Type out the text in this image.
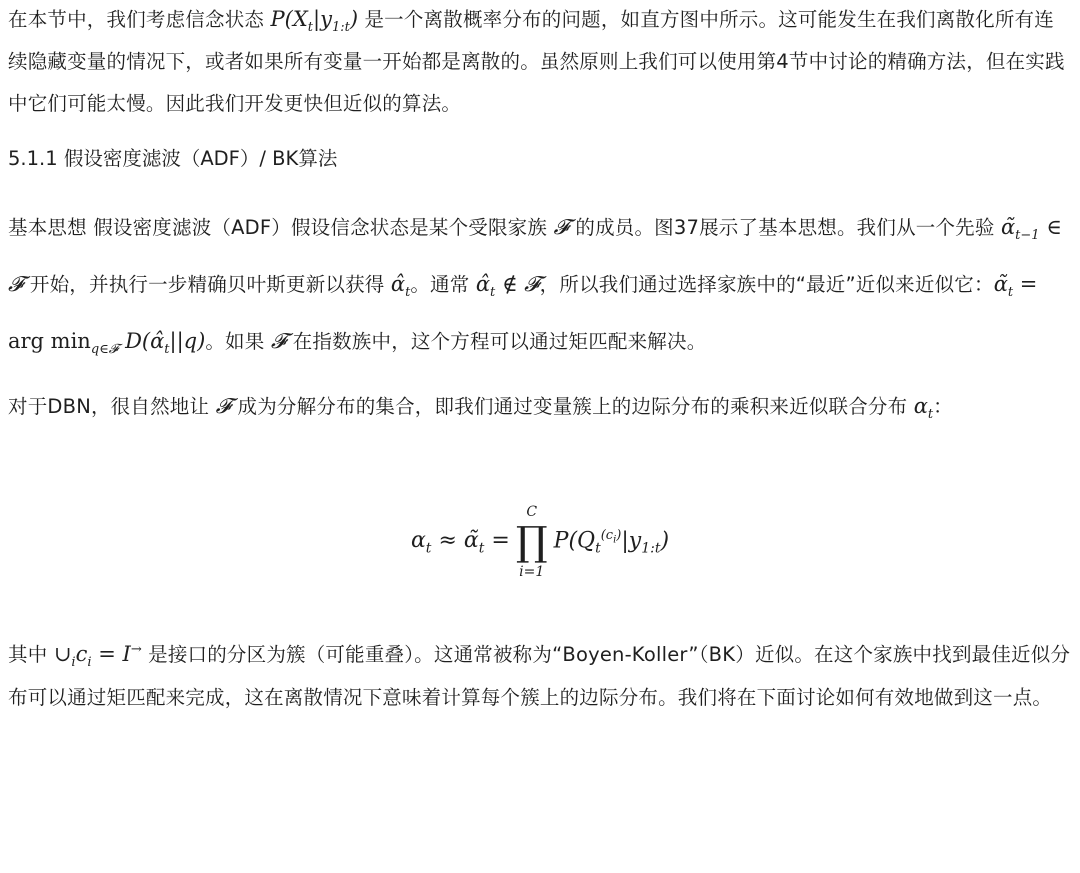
在本节中，我们考虑信念状态 $P(X_t|y_{1:t})$ 是一个离散概率分布的问题，如直方图中所示。这可能发生在我们离散化所有连续隐藏变量的情况下，或者如果所有变量一开始都是离散的。虽然原则上我们可以使用第4节中讨论的精确方法，但在实践中它们可能太慢。因此我们开发更快但近似的算法。

5.1.1 假设密度滤波（ADF）/ BK算法

基本思想 假设密度滤波（ADF）假设信念状态是某个受限家族 𝓕 的成员。图37展示了基本思想。我们从一个先验 $\alphã_{t-1}$ ∈ 𝓕 开始，并执行一步精确贝叶斯更新以获得 $\alphâ_t$。通常 $\alphâ_t$ ∉ 𝓕，所以我们通过选择家族中的“最近”近似来近似它：$\alphã_t$ = arg $\min_{q\in 𝓕}$ $D(\alphâ_t||q)$。如果 𝓕 在指数族中，这个方程可以通过矩匹配来解决。

对于DBN，很自然地让 𝓕 成为分解分布的集合，即我们通过变量簇上的边际分布的乘积来近似联合分布 $\alpha_t$：

$\alpha_t$ ≈ $\alphã_t$ =
C
∏
i=1
$P(Q_t^{(c_i)}|y_{1:t})$

其中 $\cup_ic_i = I^\to$ 是接口的分区为簇（可能重叠）。这通常被称为“Boyen-Koller”（BK）近似。在这个家族中找到最佳近似分布可以通过矩匹配来完成，这在离散情况下意味着计算每个簇上的边际分布。我们将在下面讨论如何有效地做到这一点。
